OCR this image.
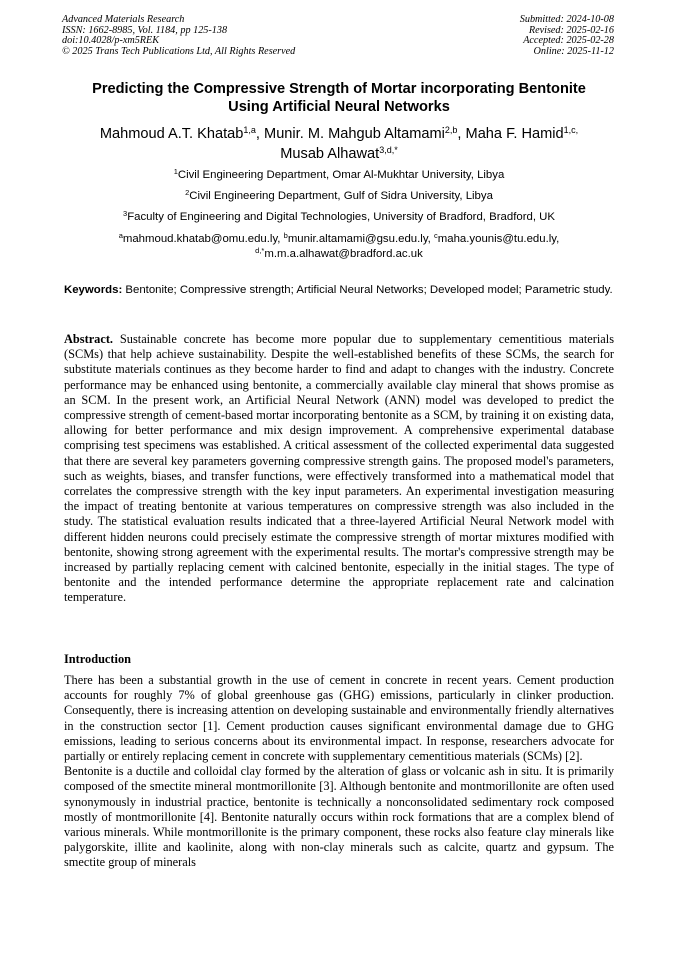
Advanced Materials Research
ISSN: 1662-8985, Vol. 1184, pp 125-138
doi:10.4028/p-xm5REK
© 2025 Trans Tech Publications Ltd, All Rights Reserved
Submitted: 2024-10-08
Revised: 2025-02-16
Accepted: 2025-02-28
Online: 2025-11-12
Predicting the Compressive Strength of Mortar incorporating Bentonite
Using Artificial Neural Networks
Mahmoud A.T. Khatab$^{1,a}$, Munir. M. Mahgub Altamami$^{2,b}$, Maha F. Hamid$^{1,c,}$
Musab Alhawat$^{3,d,*}$
$^1$Civil Engineering Department, Omar Al-Mukhtar University, Libya
$^2$Civil Engineering Department, Gulf of Sidra University, Libya
$^3$Faculty of Engineering and Digital Technologies, University of Bradford, Bradford, UK
$^a$mahmoud.khatab@omu.edu.ly, $^b$munir.altamami@gsu.edu.ly, $^c$maha.younis@tu.edu.ly,
$^{d,*}$m.m.a.alhawat@bradford.ac.uk
Keywords: Bentonite; Compressive strength; Artificial Neural Networks; Developed model; Parametric study.
Abstract. Sustainable concrete has become more popular due to supplementary cementitious materials (SCMs) that help achieve sustainability. Despite the well-established benefits of these SCMs, the search for substitute materials continues as they become harder to find and adapt to changes with the industry. Concrete performance may be enhanced using bentonite, a commercially available clay mineral that shows promise as an SCM. In the present work, an Artificial Neural Network (ANN) model was developed to predict the compressive strength of cement-based mortar incorporating bentonite as a SCM, by training it on existing data, allowing for better performance and mix design improvement. A comprehensive experimental database comprising test specimens was established. A critical assessment of the collected experimental data suggested that there are several key parameters governing compressive strength gains. The proposed model's parameters, such as weights, biases, and transfer functions, were effectively transformed into a mathematical model that correlates the compressive strength with the key input parameters. An experimental investigation measuring the impact of treating bentonite at various temperatures on compressive strength was also included in the study. The statistical evaluation results indicated that a three-layered Artificial Neural Network model with different hidden neurons could precisely estimate the compressive strength of mortar mixtures modified with bentonite, showing strong agreement with the experimental results. The mortar's compressive strength may be increased by partially replacing cement with calcined bentonite, especially in the initial stages. The type of bentonite and the intended performance determine the appropriate replacement rate and calcination temperature.
Introduction

There has been a substantial growth in the use of cement in concrete in recent years. Cement production accounts for roughly 7% of global greenhouse gas (GHG) emissions, particularly in clinker production. Consequently, there is increasing attention on developing sustainable and environmentally friendly alternatives in the construction sector [1]. Cement production causes significant environmental damage due to GHG emissions, leading to serious concerns about its environmental impact. In response, researchers advocate for partially or entirely replacing cement in concrete with supplementary cementitious materials (SCMs) [2].

Bentonite is a ductile and colloidal clay formed by the alteration of glass or volcanic ash in situ. It is primarily composed of the smectite mineral montmorillonite [3]. Although bentonite and montmorillonite are often used synonymously in industrial practice, bentonite is technically a nonconsolidated sedimentary rock composed mostly of montmorillonite [4]. Bentonite naturally occurs within rock formations that are a complex blend of various minerals. While montmorillonite is the primary component, these rocks also feature clay minerals like palygorskite, illite and kaolinite, along with non-clay minerals such as calcite, quartz and gypsum. The smectite group of minerals
